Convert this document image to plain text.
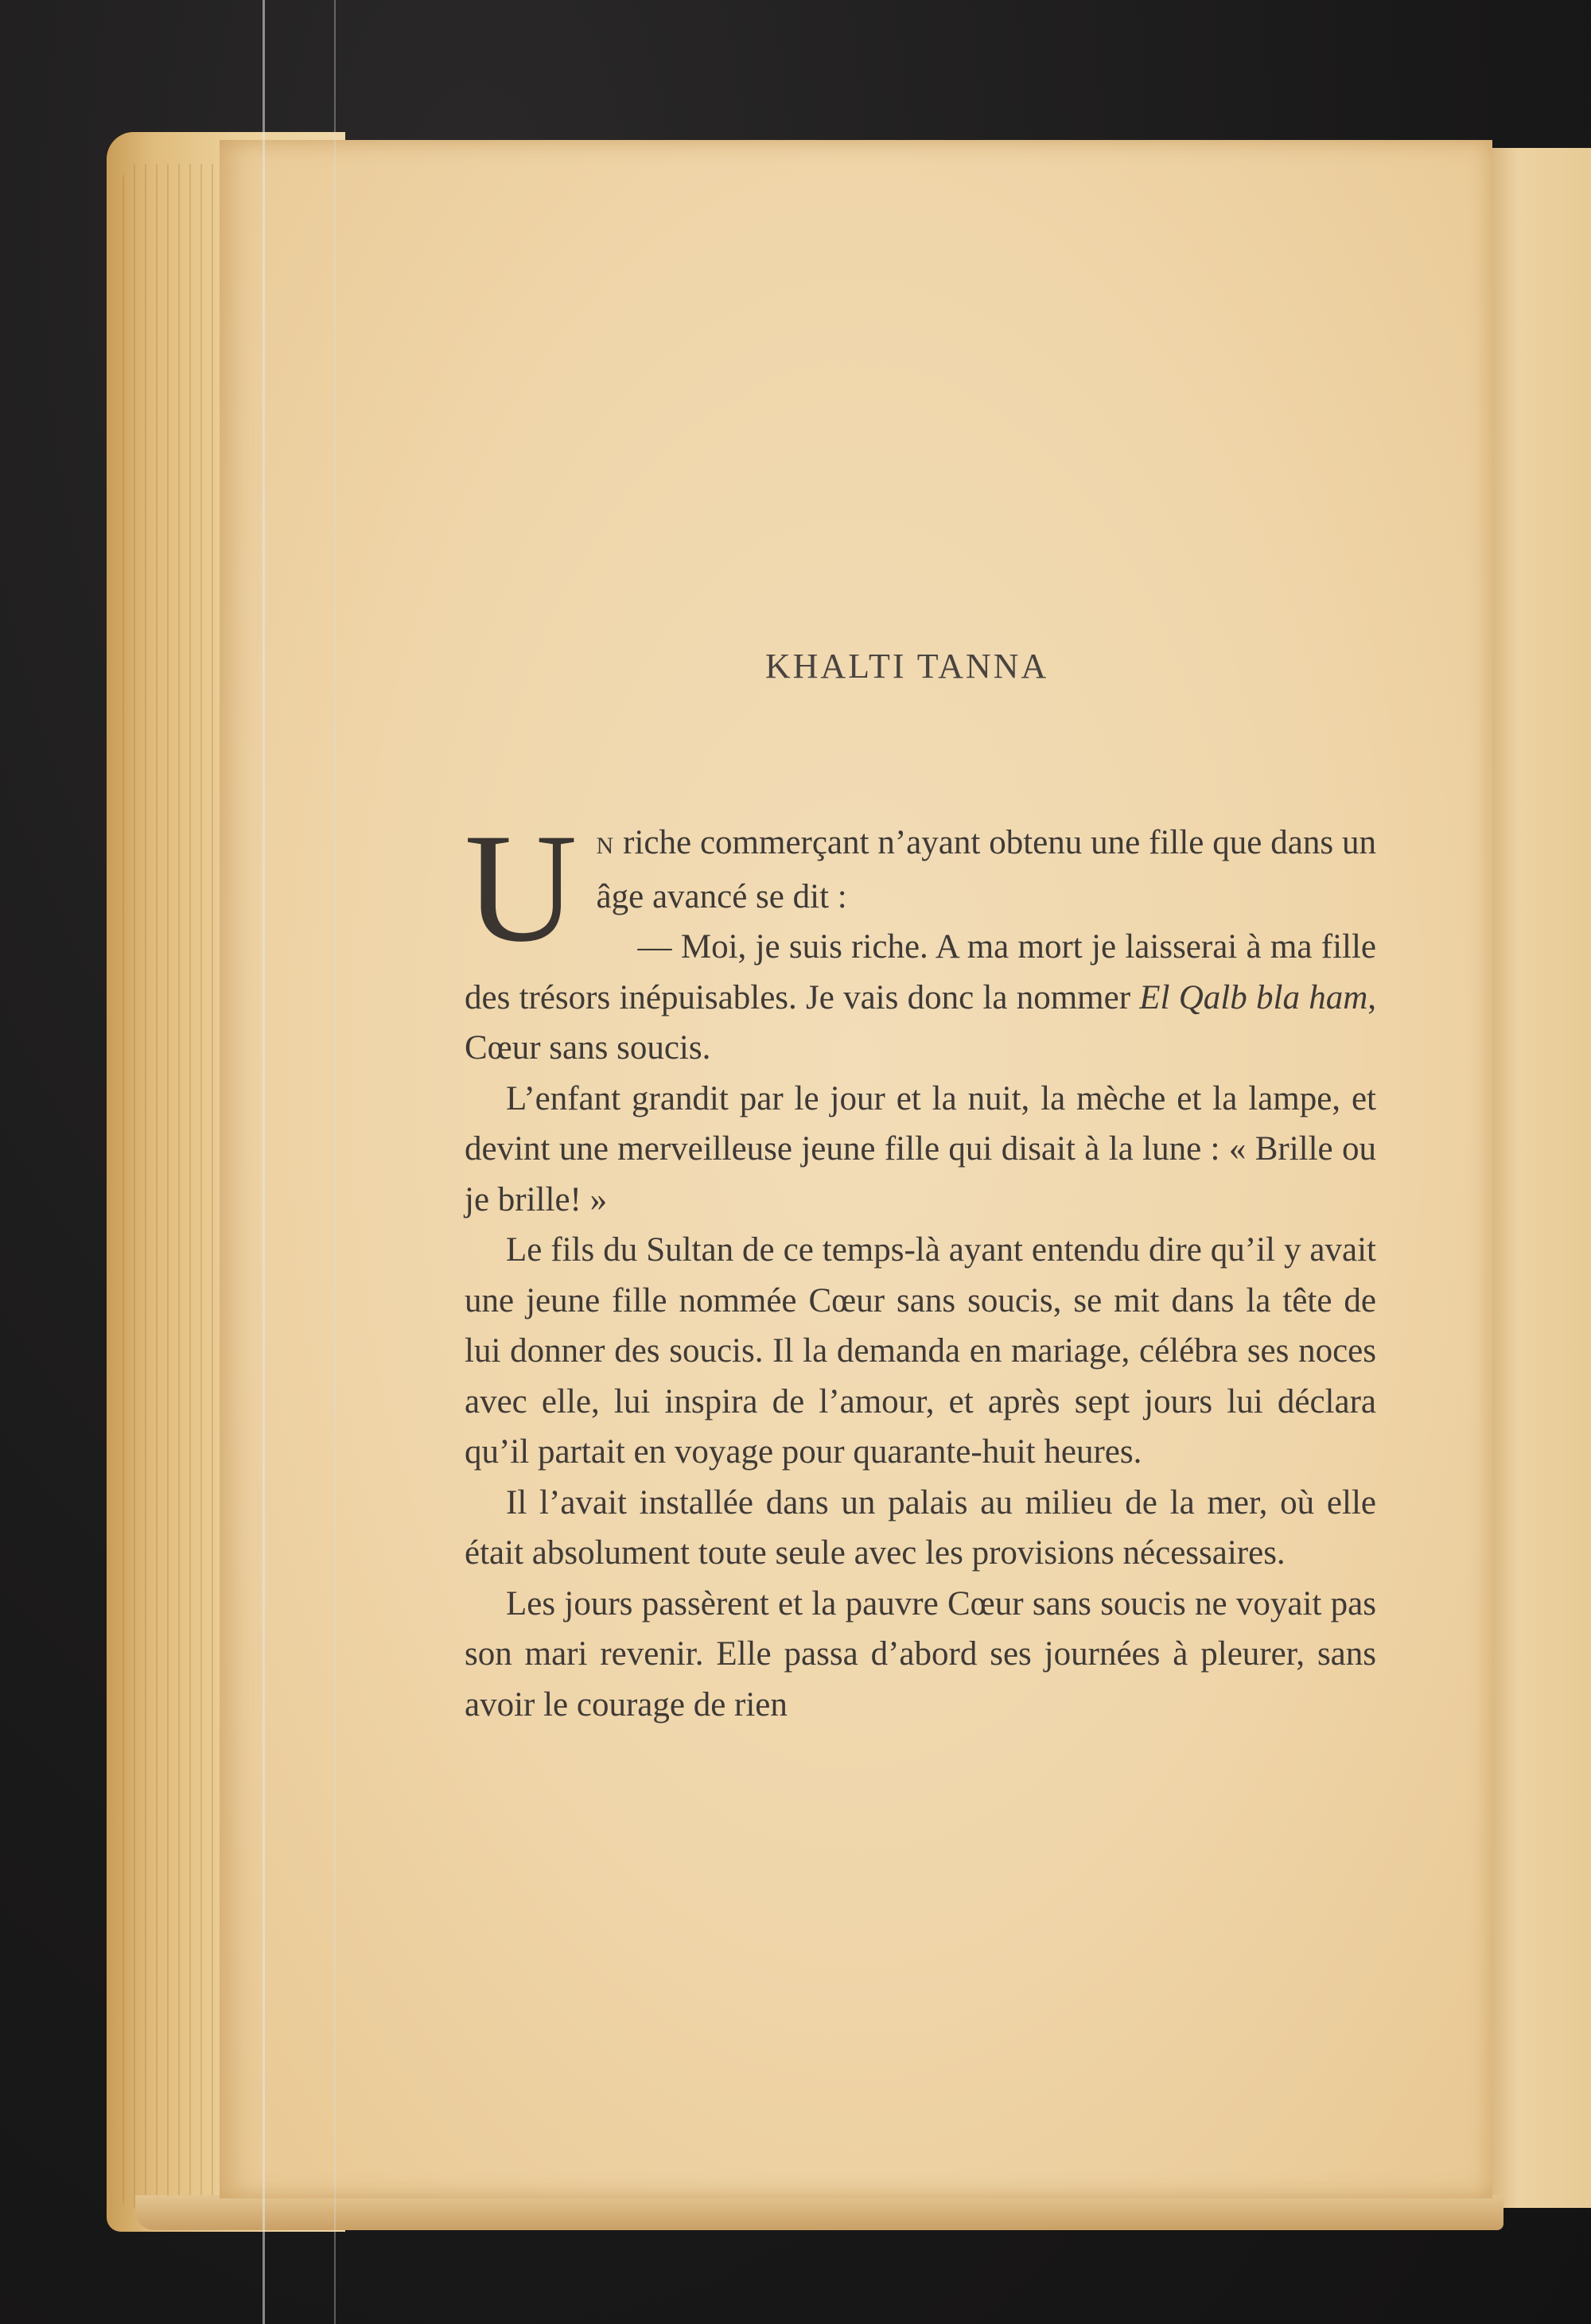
KHALTI TANNA

U N riche commerçant n’ayant obtenu une fille que dans un âge avancé se dit :

— Moi, je suis riche. A ma mort je laisserai à ma fille des trésors inépuisables. Je vais donc la nommer El Qalb bla ham, Cœur sans soucis.

L’enfant grandit par le jour et la nuit, la mèche et la lampe, et devint une merveilleuse jeune fille qui disait à la lune : « Brille ou je brille! »

Le fils du Sultan de ce temps-là ayant entendu dire qu’il y avait une jeune fille nommée Cœur sans soucis, se mit dans la tête de lui donner des soucis. Il la demanda en mariage, célébra ses noces avec elle, lui inspira de l’amour, et après sept jours lui déclara qu’il partait en voyage pour quarante-huit heures.

Il l’avait installée dans un palais au milieu de la mer, où elle était absolument toute seule avec les provisions nécessaires.

Les jours passèrent et la pauvre Cœur sans soucis ne voyait pas son mari revenir. Elle passa d’abord ses journées à pleurer, sans avoir le courage de rien
